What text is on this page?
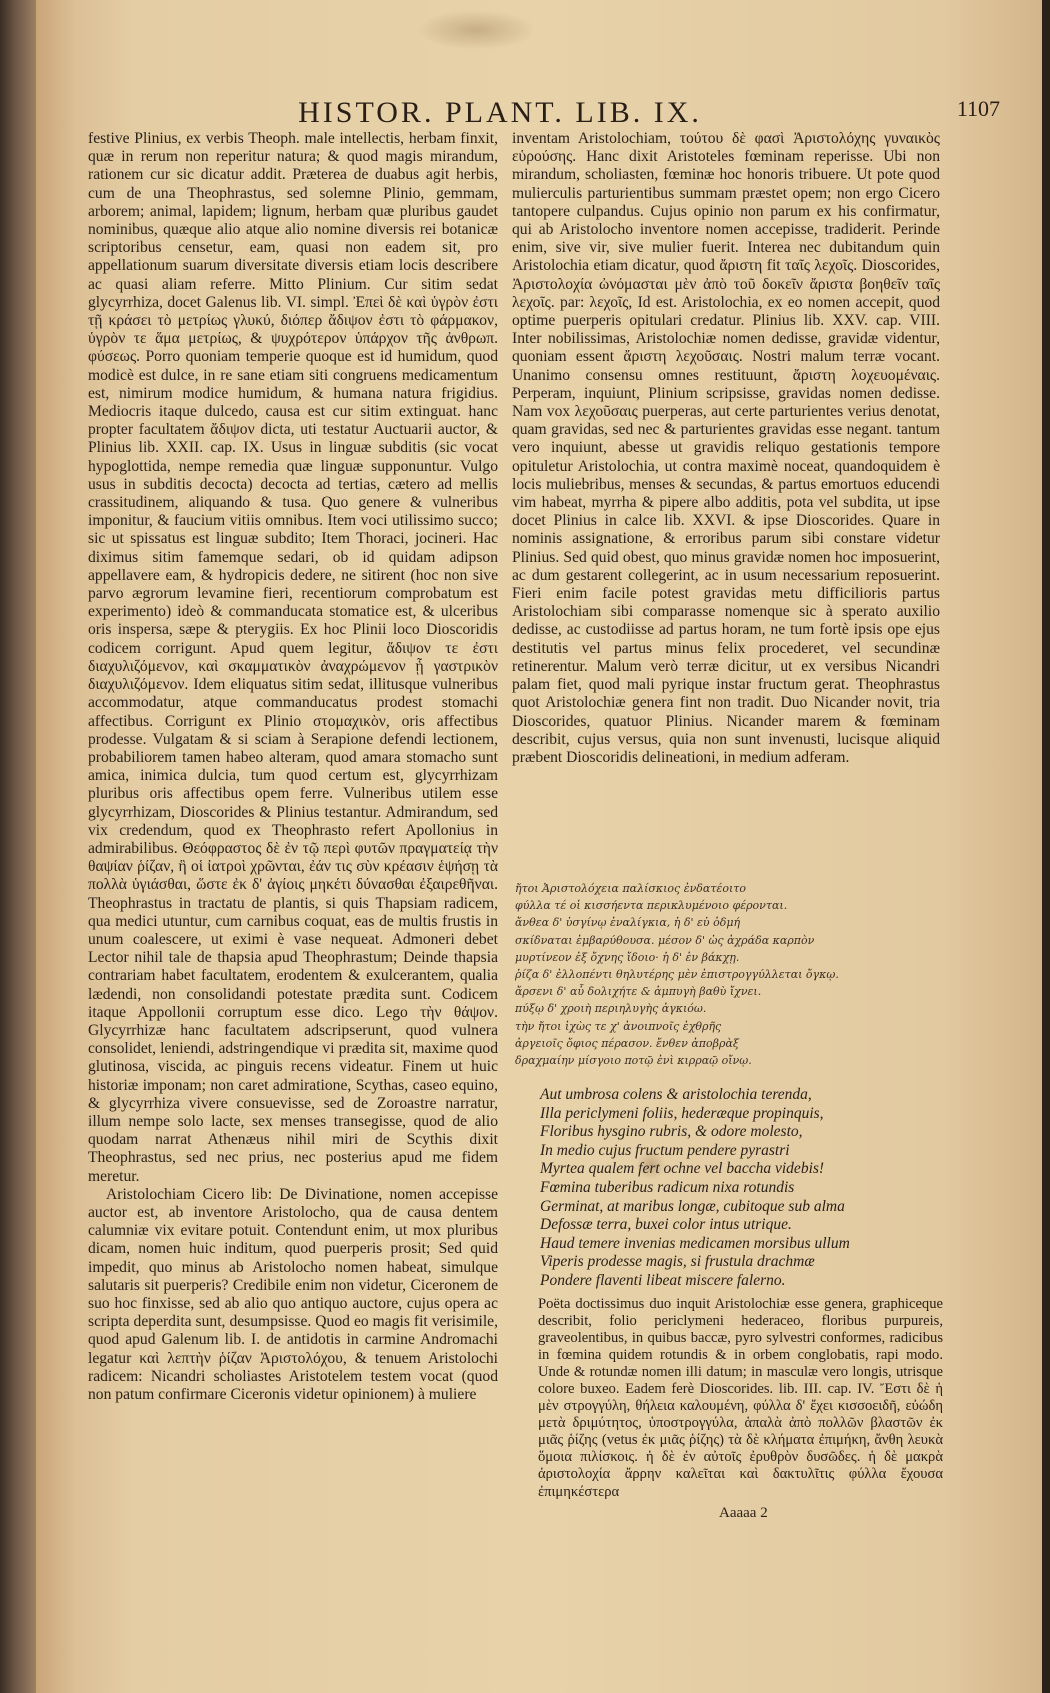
HISTOR. PLANT. LIB. IX.	1107

festive Plinius, ex verbis Theoph. male intellectis, herbam finxit, quæ in rerum non reperitur natura; & quod magis mirandum, rationem cur sic dicatur addit. Præterea de duabus agit herbis, cum de una Theophrastus, sed solemne Plinio, gemmam, arborem; animal, lapidem; lignum, herbam quæ pluribus gaudet nominibus, quæque alio atque alio nomine diversis rei botanicæ scriptoribus censetur, eam, quasi non eadem sit, pro appellationum suarum diversitate diversis etiam locis describere ac quasi aliam referre. Mitto Plinium. Cur sitim sedat glycyrrhiza, docet Galenus lib. VI. simpl. Ἐπεὶ δὲ καὶ ὑγρὸν ἐστι τῇ κράσει τὸ μετρίως γλυκύ, διόπερ ἄδιψον ἐστι τὸ φάρμακον, ὑγρὸν τε ἅμα μετρίως, & ψυχρότερον ὑπάρχον τῆς ἀνθρωπ. φύσεως. Porro quoniam temperie quoque est id humidum, quod modicè est dulce, in re sane etiam siti congruens medicamentum est, nimirum modice humidum, & humana natura frigidius. Mediocris itaque dulcedo, causa est cur sitim extinguat. hanc propter facultatem ἄδιψον dicta, uti testatur Auctuarii auctor, & Plinius lib. XXII. cap. IX. Usus in linguæ subditis (sic vocat hypoglottida, nempe remedia quæ linguæ supponuntur. Vulgo usus in subditis decocta) decocta ad tertias, cætero ad mellis crassitudinem, aliquando & tusa. Quo genere & vulneribus imponitur, & faucium vitiis omnibus. Item voci utilissimo succo; sic ut spissatus est linguæ subdito; Item Thoraci, jocineri. Hac diximus sitim famemque sedari, ob id quidam adipson appellavere eam, & hydropicis dedere, ne sitirent (hoc non sive parvo ægrorum levamine fieri, recentiorum comprobatum est experimento) ideò & commanducata stomatice est, & ulceribus oris inspersa, sæpe & pterygiis. Ex hoc Plinii loco Dioscoridis codicem corrigunt. Apud quem legitur, ἄδιψον τε ἐστι διαχυλιζόμενον, καὶ σκαμματικὸν ἀναχρώμενον ᾗ γαστρικὸν διαχυλιζόμενον. Idem eliquatus sitim sedat, illitusque vulneribus accommodatur, atque commanducatus prodest stomachi affectibus. Corrigunt ex Plinio στομαχικὸν, oris affectibus prodesse. Vulgatam & si sciam à Serapione defendi lectionem, probabiliorem tamen habeo alteram, quod amara stomacho sunt amica, inimica dulcia, tum quod certum est, glycyrrhizam pluribus oris affectibus opem ferre. Vulneribus utilem esse glycyrrhizam, Dioscorides & Plinius testantur. Admirandum, sed vix credendum, quod ex Theophrasto refert Apollonius in admirabilibus. Θεόφραστος δὲ ἐν τῷ περὶ φυτῶν πραγματείᾳ τὴν θαψίαν ῥίζαν, ἣ οἱ ἰατροὶ χρῶνται, ἐάν τις σὺν κρέασιν ἑψήσῃ τὰ πολλὰ ὑγιάσθαι, ὥστε ἐκ δ' ἀγίοις μηκέτι δύνασθαι ἐξαιρεθῆναι. Theophrastus in tractatu de plantis, si quis Thapsiam radicem, qua medici utuntur, cum carnibus coquat, eas de multis frustis in unum coalescere, ut eximi è vase nequeat. Admoneri debet Lector nihil tale de thapsia apud Theophrastum; Deinde thapsia contrariam habet facultatem, erodentem & exulcerantem, qualia lædendi, non consolidandi potestate prædita sunt. Codicem itaque Appollonii corruptum esse dico. Lego τὴν θάψον. Glycyrrhizæ hanc facultatem adscripserunt, quod vulnera consolidet, leniendi, adstringendique vi prædita sit, maxime quod glutinosa, viscida, ac pinguis recens videatur. Finem ut huic historiæ imponam; non caret admiratione, Scythas, caseo equino, & glycyrrhiza vivere consuevisse, sed de Zoroastre narratur, illum nempe solo lacte, sex menses transegisse, quod de alio quodam narrat Athenæus nihil miri de Scythis dixit Theophrastus, sed nec prius, nec posterius apud me fidem meretur.

Aristolochiam Cicero lib: De Divinatione, nomen accepisse auctor est, ab inventore Aristolocho, qua de causa dentem calumniæ vix evitare potuit. Contendunt enim, ut mox pluribus dicam, nomen huic inditum, quod puerperis prosit; Sed quid impedit, quo minus ab Aristolocho nomen habeat, simulque salutaris sit puerperis? Credibile enim non videtur, Ciceronem de suo hoc finxisse, sed ab alio quo antiquo auctore, cujus opera ac scripta deperdita sunt, desumpsisse. Quod eo magis fit verisimile, quod apud Galenum lib. I. de antidotis in carmine Andromachi legatur καὶ λεπτὴν ῥίζαν Ἀριστολόχου, & tenuem Aristolochi radicem: Nicandri scholiastes Aristotelem testem vocat (quod non patum confirmare Ciceronis videtur opinionem) à muliere

inventam Aristolochiam, τούτου δὲ φασὶ Ἀριστολόχης γυναικὸς εὑρούσης. Hanc dixit Aristoteles fœminam reperisse. Ubi non mirandum, scholiasten, fœminæ hoc honoris tribuere. Ut pote quod mulierculis parturientibus summam præstet opem; non ergo Cicero tantopere culpandus. Cujus opinio non parum ex his confirmatur, qui ab Aristolocho inventore nomen accepisse, tradiderit. Perinde enim, sive vir, sive mulier fuerit. Interea nec dubitandum quin Aristolochia etiam dicatur, quod ἄριστη fit ταῖς λεχοῖς. Dioscorides, Ἀριστολοχία ὠνόμασται μὲν ἀπὸ τοῦ δοκεῖν ἄριστα βοηθεῖν ταῖς λεχοῖς. par: λεχοῖς, Id est. Aristolochia, ex eo nomen accepit, quod optime puerperis opitulari credatur. Plinius lib. XXV. cap. VIII. Inter nobilissimas, Aristolochiæ nomen dedisse, gravidæ videntur, quoniam essent ἄριστη λεχοῦσαις. Nostri malum terræ vocant. Unanimo consensu omnes restituunt, ἄριστη λοχευομέναις. Perperam, inquiunt, Plinium scripsisse, gravidas nomen dedisse. Nam vox λεχοῦσαις puerperas, aut certe parturientes verius denotat, quam gravidas, sed nec & parturientes gravidas esse negant. tantum vero inquiunt, abesse ut gravidis reliquo gestationis tempore opituletur Aristolochia, ut contra maximè noceat, quandoquidem è locis muliebribus, menses & secundas, & partus emortuos educendi vim habeat, myrrha & pipere albo additis, pota vel subdita, ut ipse docet Plinius in calce lib. XXVI. & ipse Dioscorides. Quare in nominis assignatione, & erroribus parum sibi constare videtur Plinius. Sed quid obest, quo minus gravidæ nomen hoc imposuerint, ac dum gestarent collegerint, ac in usum necessarium reposuerint. Fieri enim facile potest gravidas metu difficilioris partus Aristolochiam sibi comparasse nomenque sic à sperato auxilio dedisse, ac custodiisse ad partus horam, ne tum fortè ipsis ope ejus destitutis vel partus minus felix procederet, vel secundinæ retinerentur. Malum verò terræ dicitur, ut ex versibus Nicandri palam fiet, quod mali pyrique instar fructum gerat. Theophrastus quot Aristolochiæ genera fint non tradit. Duo Nicander novit, tria Dioscorides, quatuor Plinius. Nicander marem & fœminam describit, cujus versus, quia non sunt invenusti, lucisque aliquid præbent Dioscoridis delineationi, in medium adferam.

ἤτοι Ἀριστολόχεια παλίσκιος ἐνδατέοιτο
φύλλα τέ οἱ κισσήεντα περικλυμένοιο φέρονται.
ἄνθεα δ' ὑσγίνῳ ἐναλίγκια, ἡ δ' εὐ ὀδμή
σκίδναται ἑμβαρύθουσα. μέσον δ' ὡς ἀχράδα καρπὸν
μυρτίνεον ἐξ ὄχνης ἴδοιο· ἡ δ' ἐν βάκχῃ.
ῥίζα δ' ἐλλοπέντι θηλυτέρης μὲν ἐπιστρογγύλλεται ὄγκῳ.
ἄρσενι δ' αὖ δολιχήτε & ἀμπυγὴ βαθὺ ἴχνει.
πύξῳ δ' χροιὴ περιηλυγὴς ἀγκιόω.
τὴν ἤτοι ἰχὼς τε χ' ἀνοιπνοῖς ἐχθρῆς
ἀργειοῖς ὄφιος πέρασον. ἔνθεν ἀποβρὰξ
δραχμαίην μίσγοιο ποτῷ ἐνὶ κιρραῷ οἴνῳ.
Aut umbrosa colens & aristolochia terenda,
Illa periclymeni foliis, hederæque propinquis,
Floribus hysgino rubris, & odore molesto,
In medio cujus fructum pendere pyrastri
Myrtea qualem fert ochne vel baccha videbis!
Fœmina tuberibus radicum nixa rotundis
Germinat, at maribus longæ, cubitoque sub alma
Defossæ terra, buxei color intus utrique.
Haud temere invenias medicamen morsibus ullum
Viperis prodesse magis, si frustula drachmæ
Pondere flaventi libeat miscere falerno.

Poëta doctissimus duo inquit Aristolochiæ esse genera, graphiceque describit, folio periclymeni hederaceo, floribus purpureis, graveolentibus, in quibus baccæ, pyro sylvestri conformes, radicibus in fœmina quidem rotundis & in orbem conglobatis, rapi modo. Unde & rotundæ nomen illi datum; in masculæ vero longis, utrisque colore buxeo. Eadem ferè Dioscorides. lib. III. cap. IV. Ἔστι δὲ ἡ μὲν στρογγύλη, θήλεια καλουμένη, φύλλα δ' ἔχει κισσοειδῆ, εὐώδη μετὰ δριμύτητος, ὑποστρογγύλα, ἁπαλὰ ἀπὸ πολλῶν βλαστῶν ἐκ μιᾶς ῥίζης (vetus ἐκ μιᾶς ῥίζης) τὰ δὲ κλήματα ἐπιμήκη, ἄνθη λευκὰ ὅμοια πιλίσκοις. ἡ δὲ ἐν αὐτοῖς ἐρυθρὸν δυσῶδες. ἡ δὲ μακρὰ ἀριστολοχία ἄρρην καλεῖται καὶ δακτυλῖτις φύλλα ἔχουσα ἐπιμηκέστερα

Aaaaa 2
